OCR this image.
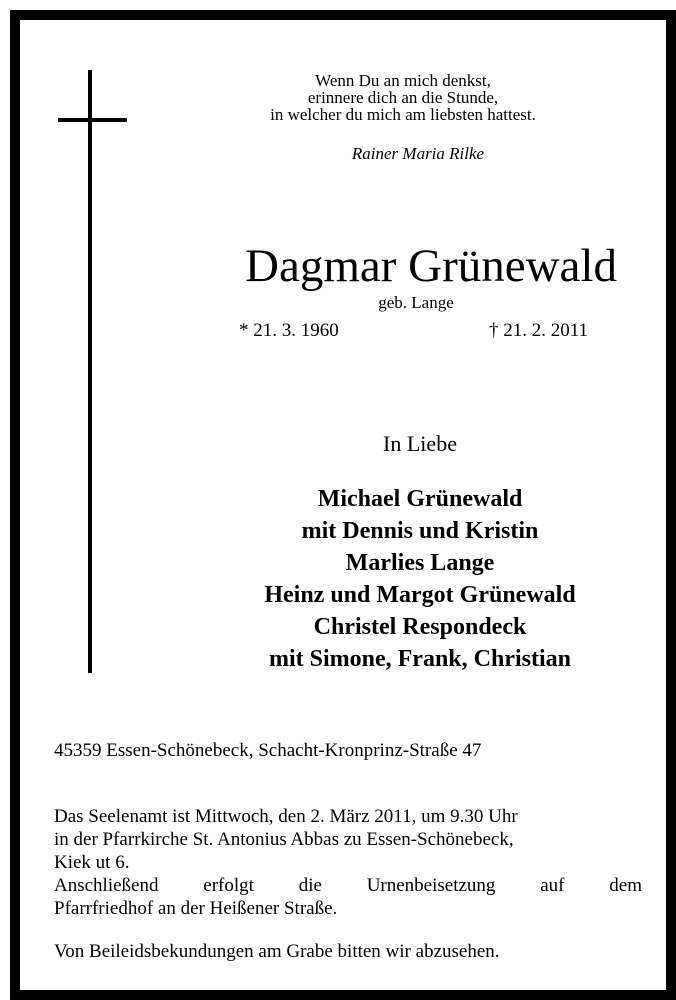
Wenn Du an mich denkst,
erinnere dich an die Stunde,
in welcher du mich am liebsten hattest.
Rainer Maria Rilke
Dagmar Grünewald
geb. Lange
* 21. 3. 1960	† 21. 2. 2011
In Liebe
Michael Grünewald
mit Dennis und Kristin
Marlies Lange
Heinz und Margot Grünewald
Christel Respondeck
mit Simone, Frank, Christian
45359 Essen-Schönebeck, Schacht-Kronprinz-Straße 47
Das Seelenamt ist Mittwoch, den 2. März 2011, um 9.30 Uhr
in der Pfarrkirche St. Antonius Abbas zu Essen-Schönebeck,
Kiek ut 6.
Anschließend erfolgt die Urnenbeisetzung auf dem
Pfarrfriedhof an der Heißener Straße.
Von Beileidsbekundungen am Grabe bitten wir abzusehen.
